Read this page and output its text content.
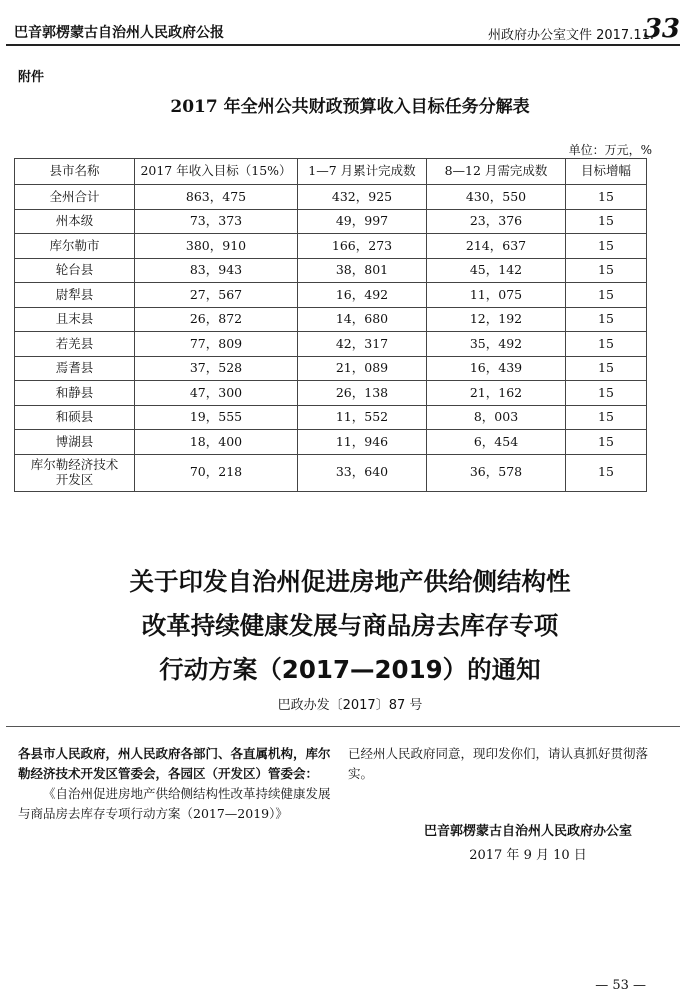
巴音郭楞蒙古自治州人民政府公报	州政府办公室文件 2017.11.
33
附件
2017 年全州公共财政预算收入目标任务分解表
单位：万元，%
县市名称	2017 年收入目标（15%）	1—7 月累计完成数	8—12 月需完成数	目标增幅
全州合计	863，475	432，925	430，550	15
州本级	73，373	49，997	23，376	15
库尔勒市	380，910	166，273	214，637	15
轮台县	83，943	38，801	45，142	15
尉犁县	27，567	16，492	11，075	15
且末县	26，872	14，680	12，192	15
若羌县	77，809	42，317	35，492	15
焉耆县	37，528	21，089	16，439	15
和静县	47，300	26，138	21，162	15
和硕县	19，555	11，552	8，003	15
博湖县	18，400	11，946	6，454	15
库尔勒经济技术
开发区	70，218	33，640	36，578	15
关于印发自治州促进房地产供给侧结构性
改革持续健康发展与商品房去库存专项
行动方案（2017—2019）的通知
巴政办发〔2017〕87 号
各县市人民政府，州人民政府各部门、各直属机构，库尔勒经济技术开发区管委会，各园区（开发区）管委会：
《自治州促进房地产供给侧结构性改革持续健康发展与商品房去库存专项行动方案（2017—2019）》
已经州人民政府同意，现印发你们，请认真抓好贯彻落实。
巴音郭楞蒙古自治州人民政府办公室
2017 年 9 月 10 日
— 53 —
